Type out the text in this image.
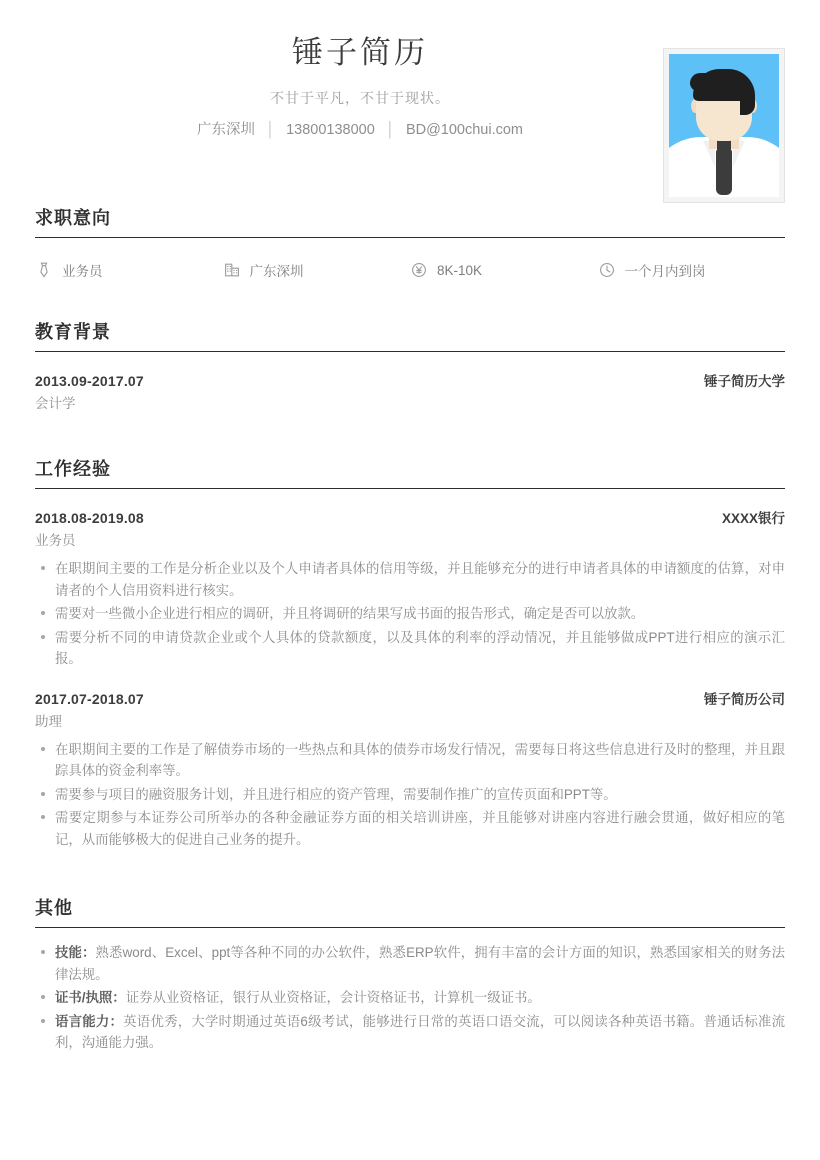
锤子简历
不甘于平凡，不甘于现状。
广东深圳 │ 13800138000 │ BD@100chui.com
求职意向
业务员	广东深圳	8K-10K	一个月内到岗
教育背景
2013.09-2017.07	锤子简历大学
会计学
工作经验
2018.08-2019.08	XXXX银行
业务员
在职期间主要的工作是分析企业以及个人申请者具体的信用等级，并且能够充分的进行申请者具体的申请额度的估算，对申请者的个人信用资料进行核实。
需要对一些微小企业进行相应的调研，并且将调研的结果写成书面的报告形式，确定是否可以放款。
需要分析不同的申请贷款企业或个人具体的贷款额度，以及具体的利率的浮动情况，并且能够做成PPT进行相应的演示汇报。
2017.07-2018.07	锤子简历公司
助理
在职期间主要的工作是了解债券市场的一些热点和具体的债券市场发行情况，需要每日将这些信息进行及时的整理，并且跟踪具体的资金利率等。
需要参与项目的融资服务计划，并且进行相应的资产管理，需要制作推广的宣传页面和PPT等。
需要定期参与本证券公司所举办的各种金融证券方面的相关培训讲座，并且能够对讲座内容进行融会贯通，做好相应的笔记，从而能够极大的促进自己业务的提升。
其他
技能：熟悉word、Excel、ppt等各种不同的办公软件，熟悉ERP软件，拥有丰富的会计方面的知识，熟悉国家相关的财务法律法规。
证书/执照：证券从业资格证，银行从业资格证，会计资格证书，计算机一级证书。
语言能力：英语优秀，大学时期通过英语6级考试，能够进行日常的英语口语交流，可以阅读各种英语书籍。普通话标准流利，沟通能力强。
